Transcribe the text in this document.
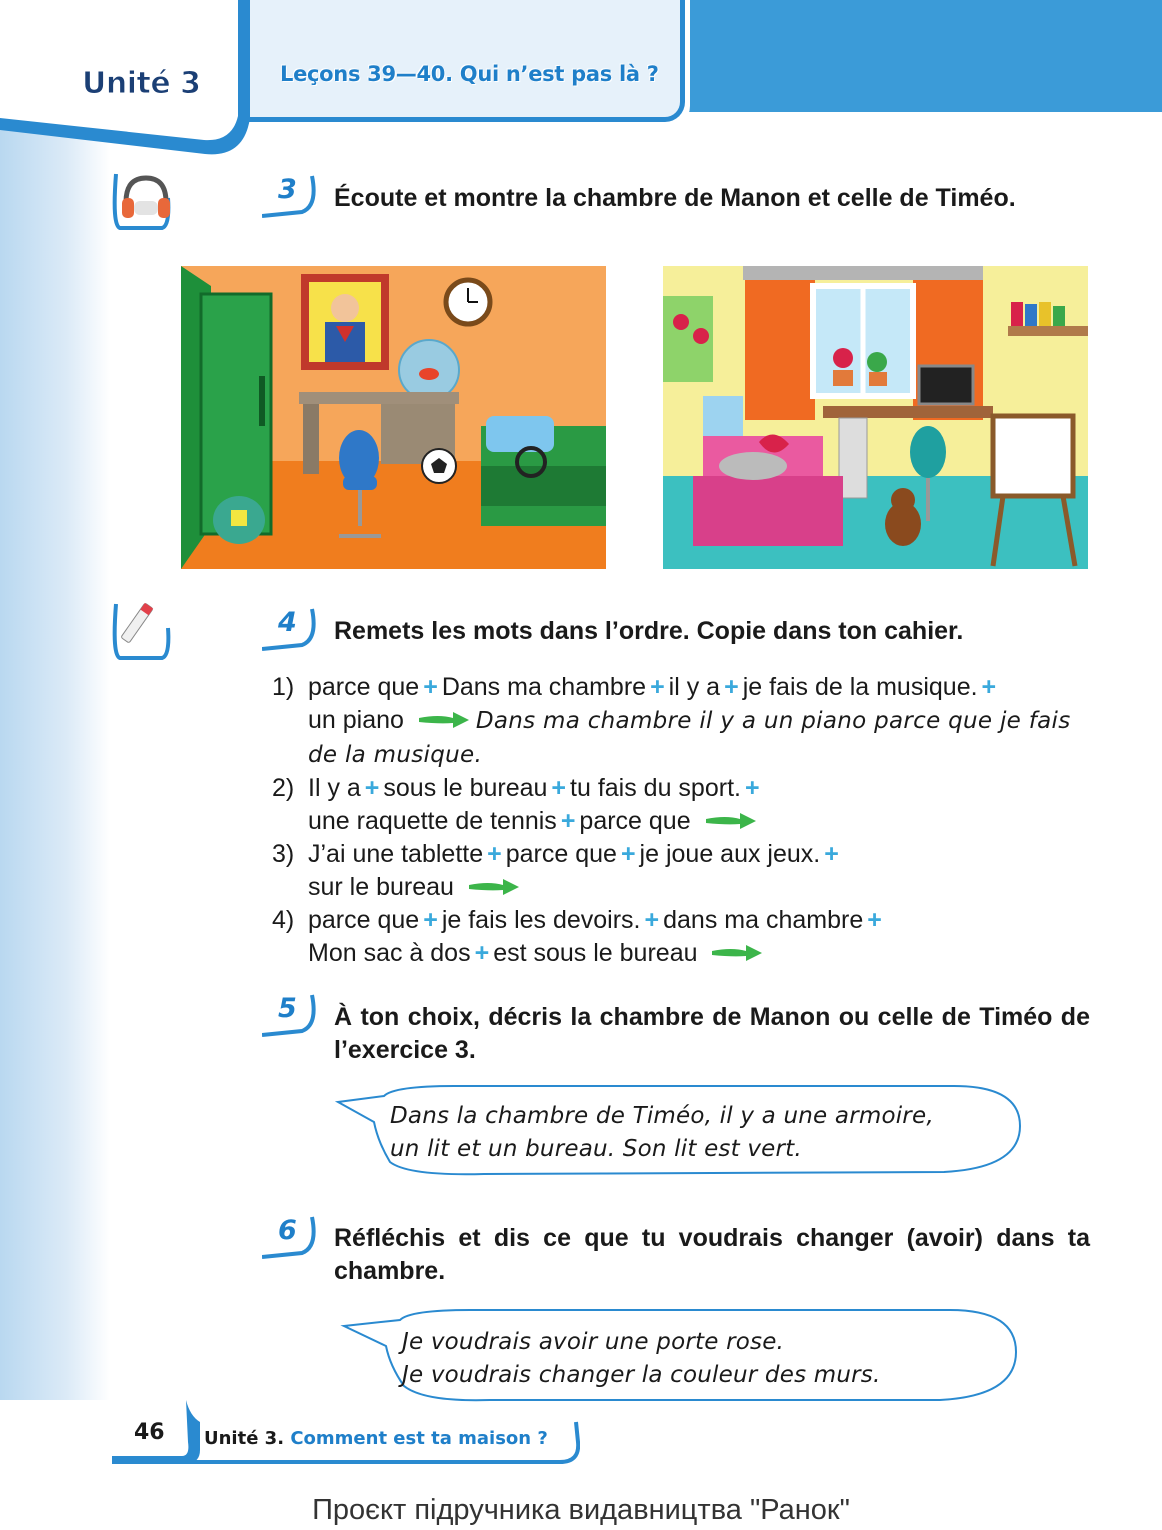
Unité 3	Leçons 39—40. Qui n’est pas là ?
3 Écoute et montre la chambre de Manon et celle de Timéo.
4 Remets les mots dans l’ordre. Copie dans ton cahier.
1) parce que + Dans ma chambre + il y a + je fais de la musique. +
un piano	Dans ma chambre il y a un piano parce que je fais de la musique.
2) Il y a + sous le bureau + tu fais du sport. +
une raquette de tennis + parce que
3) J’ai une tablette + parce que + je joue aux jeux. +
sur le bureau
4) parce que + je fais les devoirs. + dans ma chambre +
Mon sac à dos + est sous le bureau
5 À ton choix, décris la chambre de Manon ou celle de Timéo de l’exercice 3.
Dans la chambre de Timéo, il y a une armoire,
un lit et un bureau. Son lit est vert.
6 Réfléchis et dis ce que tu voudrais changer (avoir) dans ta chambre.
Je voudrais avoir une porte rose.
Je voudrais changer la couleur des murs.
46 Unité 3. Comment est ta maison ?
Проєкт підручника видавництва "Ранок"
